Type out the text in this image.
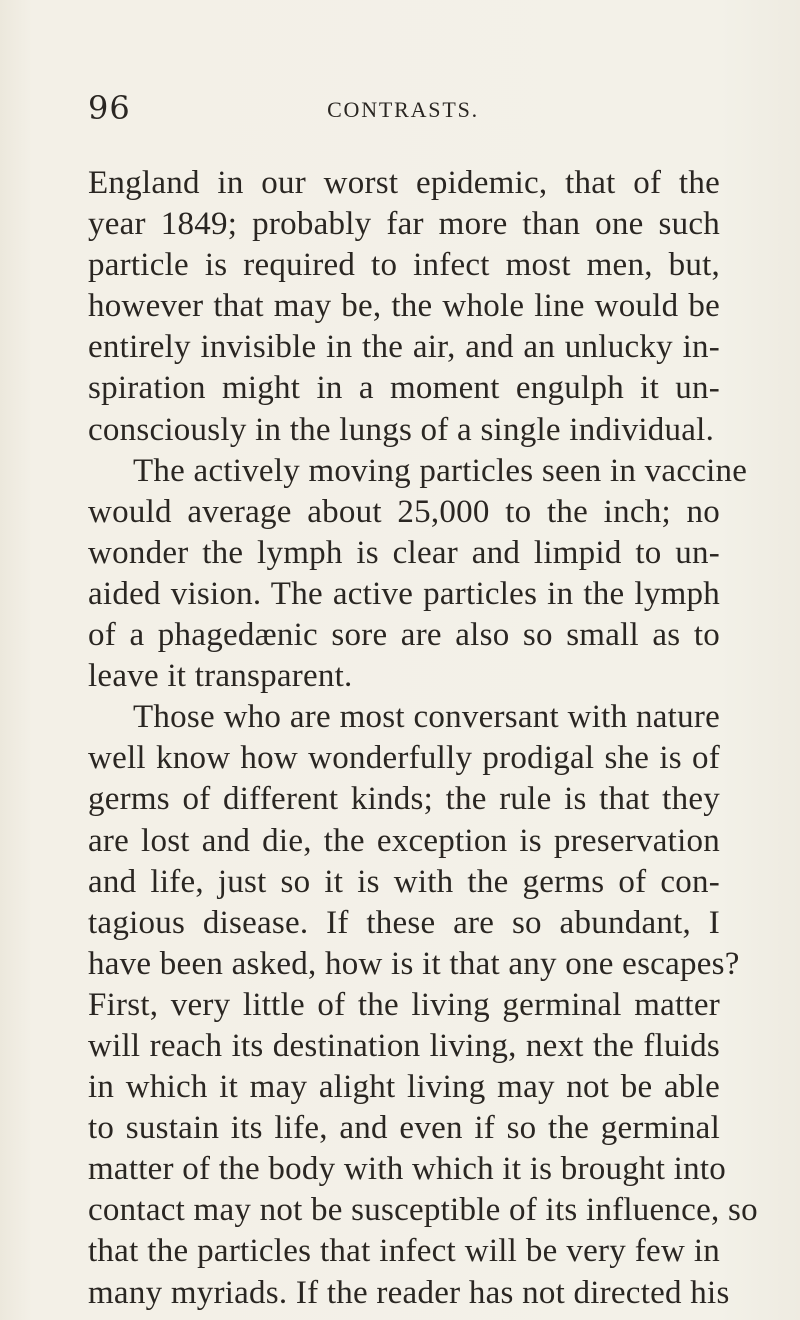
96	CONTRASTS.
England in our worst epidemic, that of the
year 1849; probably far more than one such
particle is required to infect most men, but,
however that may be, the whole line would be
entirely invisible in the air, and an unlucky in-
spiration might in a moment engulph it un-
consciously in the lungs of a single individual.
The actively moving particles seen in vaccine
would average about 25,000 to the inch; no
wonder the lymph is clear and limpid to un-
aided vision. The active particles in the lymph
of a phagedænic sore are also so small as to
leave it transparent.
Those who are most conversant with nature
well know how wonderfully prodigal she is of
germs of different kinds; the rule is that they
are lost and die, the exception is preservation
and life, just so it is with the germs of con-
tagious disease. If these are so abundant, I
have been asked, how is it that any one escapes?
First, very little of the living germinal matter
will reach its destination living, next the fluids
in which it may alight living may not be able
to sustain its life, and even if so the germinal
matter of the body with which it is brought into
contact may not be susceptible of its influence, so
that the particles that infect will be very few in
many myriads. If the reader has not directed his
